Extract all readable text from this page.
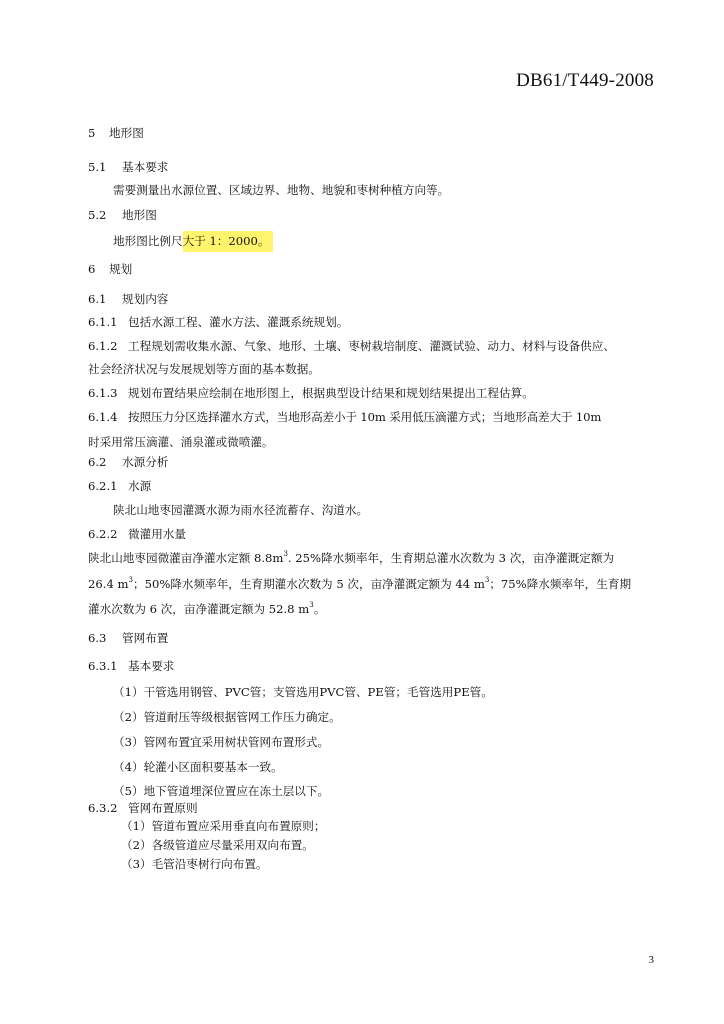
DB61/T449-2008
5 地形图
5.1 基本要求
需要测量出水源位置、区域边界、地物、地貌和枣树种植方向等。
5.2 地形图
地形图比例尺大于 1：2000。
6 规划
6.1 规划内容
6.1.1 包括水源工程、灌水方法、灌溉系统规划。
6.1.2 工程规划需收集水源、气象、地形、土壤、枣树栽培制度、灌溉试验、动力、材料与设备供应、
社会经济状况与发展规划等方面的基本数据。
6.1.3 规划布置结果应绘制在地形图上，根据典型设计结果和规划结果提出工程估算。
6.1.4 按照压力分区选择灌水方式，当地形高差小于 10m 采用低压滴灌方式；当地形高差大于 10m
时采用常压滴灌、涌泉灌或微喷灌。
6.2 水源分析
6.2.1 水源
陕北山地枣园灌溉水源为雨水径流蓄存、沟道水。
6.2.2 微灌用水量
陕北山地枣园微灌亩净灌水定额 $8.8m^3$. 25%降水频率年，生育期总灌水次数为 3 次，亩净灌溉定额为
26.4 $m^3$；50%降水频率年，生育期灌水次数为 5 次，亩净灌溉定额为 44 $m^3$；75%降水频率年，生育期
灌水次数为 6 次，亩净灌溉定额为 52.8 $m^3$。
6.3 管网布置
6.3.1 基本要求
（1）干管选用钢管、PVC管；支管选用PVC管、PE管；毛管选用PE管。
（2）管道耐压等级根据管网工作压力确定。
（3）管网布置宜采用树状管网布置形式。
（4）轮灌小区面积要基本一致。
（5）地下管道埋深位置应在冻土层以下。
6.3.2 管网布置原则
（1）管道布置应采用垂直向布置原则；
（2）各级管道应尽量采用双向布置。
（3）毛管沿枣树行向布置。
3
